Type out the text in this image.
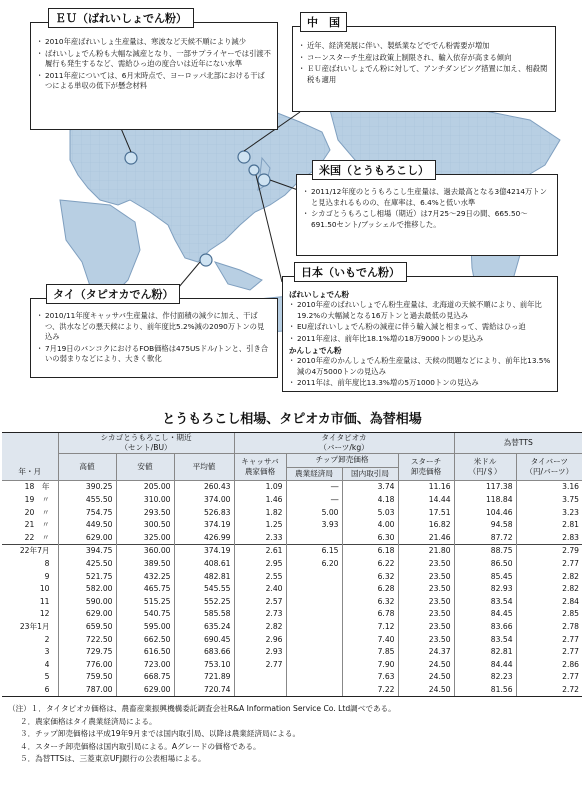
・ 2010年産ばれいしょ生産量は、寒波など天候不順により減少
・ ばれいしょでん粉も大幅な減産となり、一部サプライヤーでは引渡不履行も発生するなど、需給ひっ迫の度合いは近年にない水準
・ 2011年産については、6月末時点で、ヨーロッパ北部における干ばつによる単収の低下が懸念材料
ＥＵ（ばれいしょでん粉）
・ 近年、経済発展に伴い、製紙業などででん粉需要が増加
・ コーンスターチ生産は政策上制限され、輸入依存が高まる傾向
・ ＥＵ産ばれいしょでん粉に対して、アンチダンピング措置に加え、相殺関税も適用
中　国
・ 2011/12年度のとうもろこし生産量は、過去最高となる3億4214万トンと見込まれるものの、在庫率は、6.4%と低い水準
・ シカゴとうもろこし相場（期近）は7月25～29日の間、665.50～691.50セント/ブッシェルで推移した。
米国（とうもろこし）
・ 2010/11年度キャッサバ生産量は、作付面積の減少に加え、干ばつ、洪水などの悪天候により、前年度比5.2%減の2090万トンの見込み
・ 7月19日のバンコクにおけるFOB価格は475USドル/トンと、引き合いの弱まりなどにより、大きく軟化
タイ（タピオカでん粉）	ばれいしょでん粉
・ 2010年産のばれいしょでん粉生産量は、北海道の天候不順により、前年比19.2%の大幅減となる16万トンと過去最低の見込み
・ EU産ばれいしょでん粉の減産に伴う輸入減と相まって、需給はひっ迫
・ 2011年産は、前年比18.1%増の18万9000トンの見込み
かんしょでん粉
・ 2010年産のかんしょでん粉生産量は、天候の問題などにより、前年比13.5%減の4万5000トンの見込み
・ 2011年は、前年度比13.3%増の5万1000トンの見込み
日本（いもでん粉）
とうもろこし相場、タピオカ市価、為替相場
年・月	シカゴとうもろこし・期近
（セント/BU）			タイタピオカ
（バーツ/kg）				為替TTS	
	高値	安値	平均値	キャッサバ
農家価格	チップ卸売価格		スターチ
卸売価格	米ドル
（円/＄）	タイバーツ
（円/バーツ）
					農業経済局	国内取引局			
18　年	390.25	205.00	260.43	1.09	―	3.74	11.16	117.38	3.16
19　〃	455.50	310.00	374.00	1.46	―	4.18	14.44	118.84	3.75
20　〃	754.75	293.50	526.83	1.82	5.00	5.03	17.51	104.46	3.23
21　〃	449.50	300.50	374.19	1.25	3.93	4.00	16.82	94.58	2.81
22　〃	629.00	325.00	426.99	2.33		6.30	21.46	87.72	2.83
22年7月	394.75	360.00	374.19	2.61	6.15	6.18	21.80	88.75	2.79
8	425.50	389.50	408.61	2.95	6.20	6.22	23.50	86.50	2.77
9	521.75	432.25	482.81	2.55		6.32	23.50	85.45	2.82
10	582.00	465.75	545.55	2.40		6.28	23.50	82.93	2.82
11	590.00	515.25	552.25	2.57		6.32	23.50	83.54	2.84
12	629.00	540.75	585.58	2.73		6.78	23.50	84.45	2.85
23年1月	659.50	595.00	635.24	2.82		7.12	23.50	83.66	2.78
2	722.50	662.50	690.45	2.96		7.40	23.50	83.54	2.77
3	729.75	616.50	683.66	2.93		7.85	24.37	82.81	2.77
4	776.00	723.00	753.10	2.77		7.90	24.50	84.44	2.86
5	759.50	668.75	721.89			7.63	24.50	82.23	2.77
6	787.00	629.00	720.74			7.22	24.50	81.56	2.72
（注）１．タイタピオカ価格は、農畜産業振興機構委託調査会社R&A Information Service Co. Ltd調べである。
２．農家価格はタイ農業経済局による。
３．チップ卸売価格は平成19年9月までは国内取引局、以降は農業経済局による。
４．スターチ卸売価格は国内取引局による。Aグレードの価格である。
５．為替TTSは、三菱東京UFJ銀行の公表相場による。
